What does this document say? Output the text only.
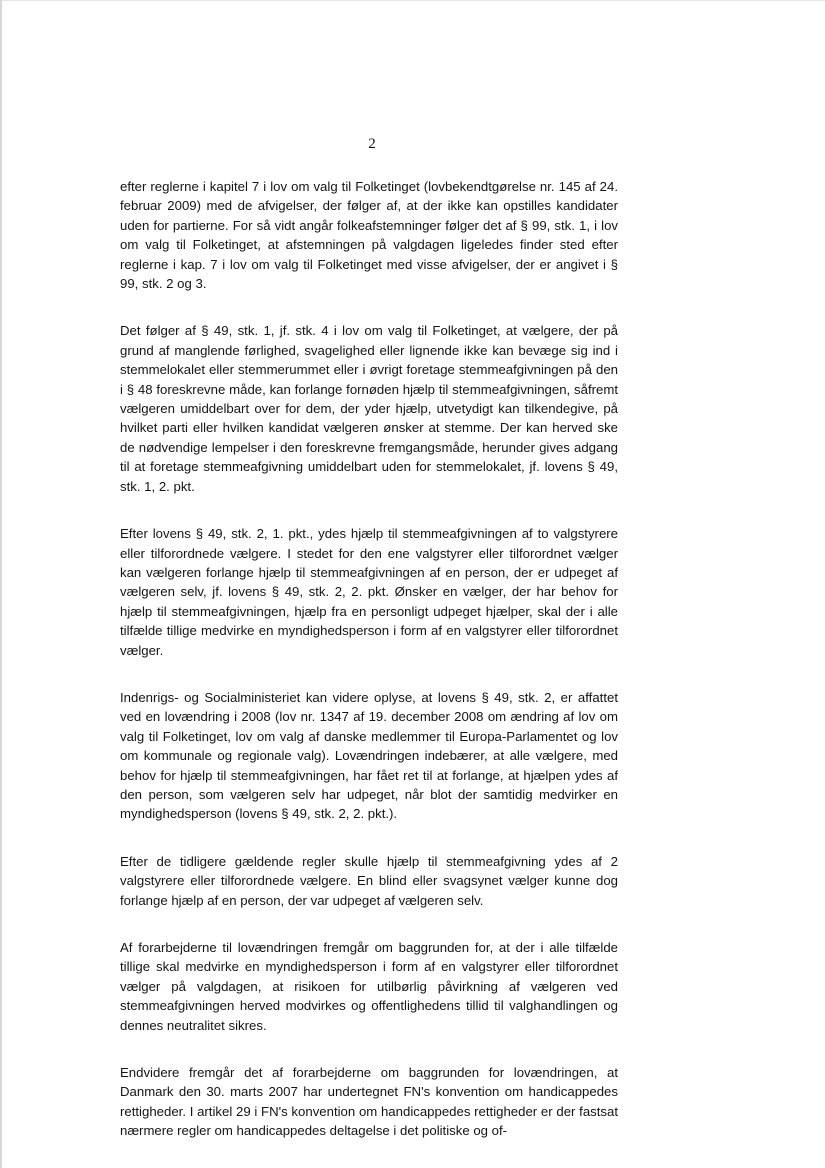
2

efter reglerne i kapitel 7 i lov om valg til Folketinget (lovbekendtgørelse nr. 145 af 24. februar 2009) med de afvigelser, der følger af, at der ikke kan opstilles kandidater uden for partierne. For så vidt angår folkeafstemninger følger det af § 99, stk. 1, i lov om valg til Folketinget, at afstemningen på valgdagen ligeledes finder sted efter reglerne i kap. 7 i lov om valg til Folketinget med visse afvigelser, der er angivet i § 99, stk. 2 og 3.

Det følger af § 49, stk. 1, jf. stk. 4 i lov om valg til Folketinget, at vælgere, der på grund af manglende førlighed, svagelighed eller lignende ikke kan bevæge sig ind i stemmelokalet eller stemmerummet eller i øvrigt foretage stemmeafgivningen på den i § 48 foreskrevne måde, kan forlange fornøden hjælp til stemmeafgivningen, såfremt vælgeren umiddelbart over for dem, der yder hjælp, utvetydigt kan tilkendegive, på hvilket parti eller hvilken kandidat vælgeren ønsker at stemme. Der kan herved ske de nødvendige lempelser i den foreskrevne fremgangsmåde, herunder gives adgang til at foretage stemmeafgivning umiddelbart uden for stemmelokalet, jf. lovens § 49, stk. 1, 2. pkt.

Efter lovens § 49, stk. 2, 1. pkt., ydes hjælp til stemmeafgivningen af to valgstyrere eller tilforordnede vælgere. I stedet for den ene valgstyrer eller tilforordnet vælger kan vælgeren forlange hjælp til stemmeafgivningen af en person, der er udpeget af vælgeren selv, jf. lovens § 49, stk. 2, 2. pkt. Ønsker en vælger, der har behov for hjælp til stemmeafgivningen, hjælp fra en personligt udpeget hjælper, skal der i alle tilfælde tillige medvirke en myndighedsperson i form af en valgstyrer eller tilforordnet vælger.

Indenrigs- og Socialministeriet kan videre oplyse, at lovens § 49, stk. 2, er affattet ved en lovændring i 2008 (lov nr. 1347 af 19. december 2008 om ændring af lov om valg til Folketinget, lov om valg af danske medlemmer til Europa-Parlamentet og lov om kommunale og regionale valg). Lovændringen indebærer, at alle vælgere, med behov for hjælp til stemmeafgivningen, har fået ret til at forlange, at hjælpen ydes af den person, som vælgeren selv har udpeget, når blot der samtidig medvirker en myndighedsperson (lovens § 49, stk. 2, 2. pkt.).

Efter de tidligere gældende regler skulle hjælp til stemmeafgivning ydes af 2 valgstyrere eller tilforordnede vælgere. En blind eller svagsynet vælger kunne dog forlange hjælp af en person, der var udpeget af vælgeren selv.

Af forarbejderne til lovændringen fremgår om baggrunden for, at der i alle tilfælde tillige skal medvirke en myndighedsperson i form af en valgstyrer eller tilforordnet vælger på valgdagen, at risikoen for utilbørlig påvirkning af vælgeren ved stemmeafgivningen herved modvirkes og offentlighedens tillid til valghandlingen og dennes neutralitet sikres.

Endvidere fremgår det af forarbejderne om baggrunden for lovændringen, at Danmark den 30. marts 2007 har undertegnet FN's konvention om handicappedes rettigheder. I artikel 29 i FN's konvention om handicappedes rettigheder er der fastsat nærmere regler om handicappedes deltagelse i det politiske og of-
